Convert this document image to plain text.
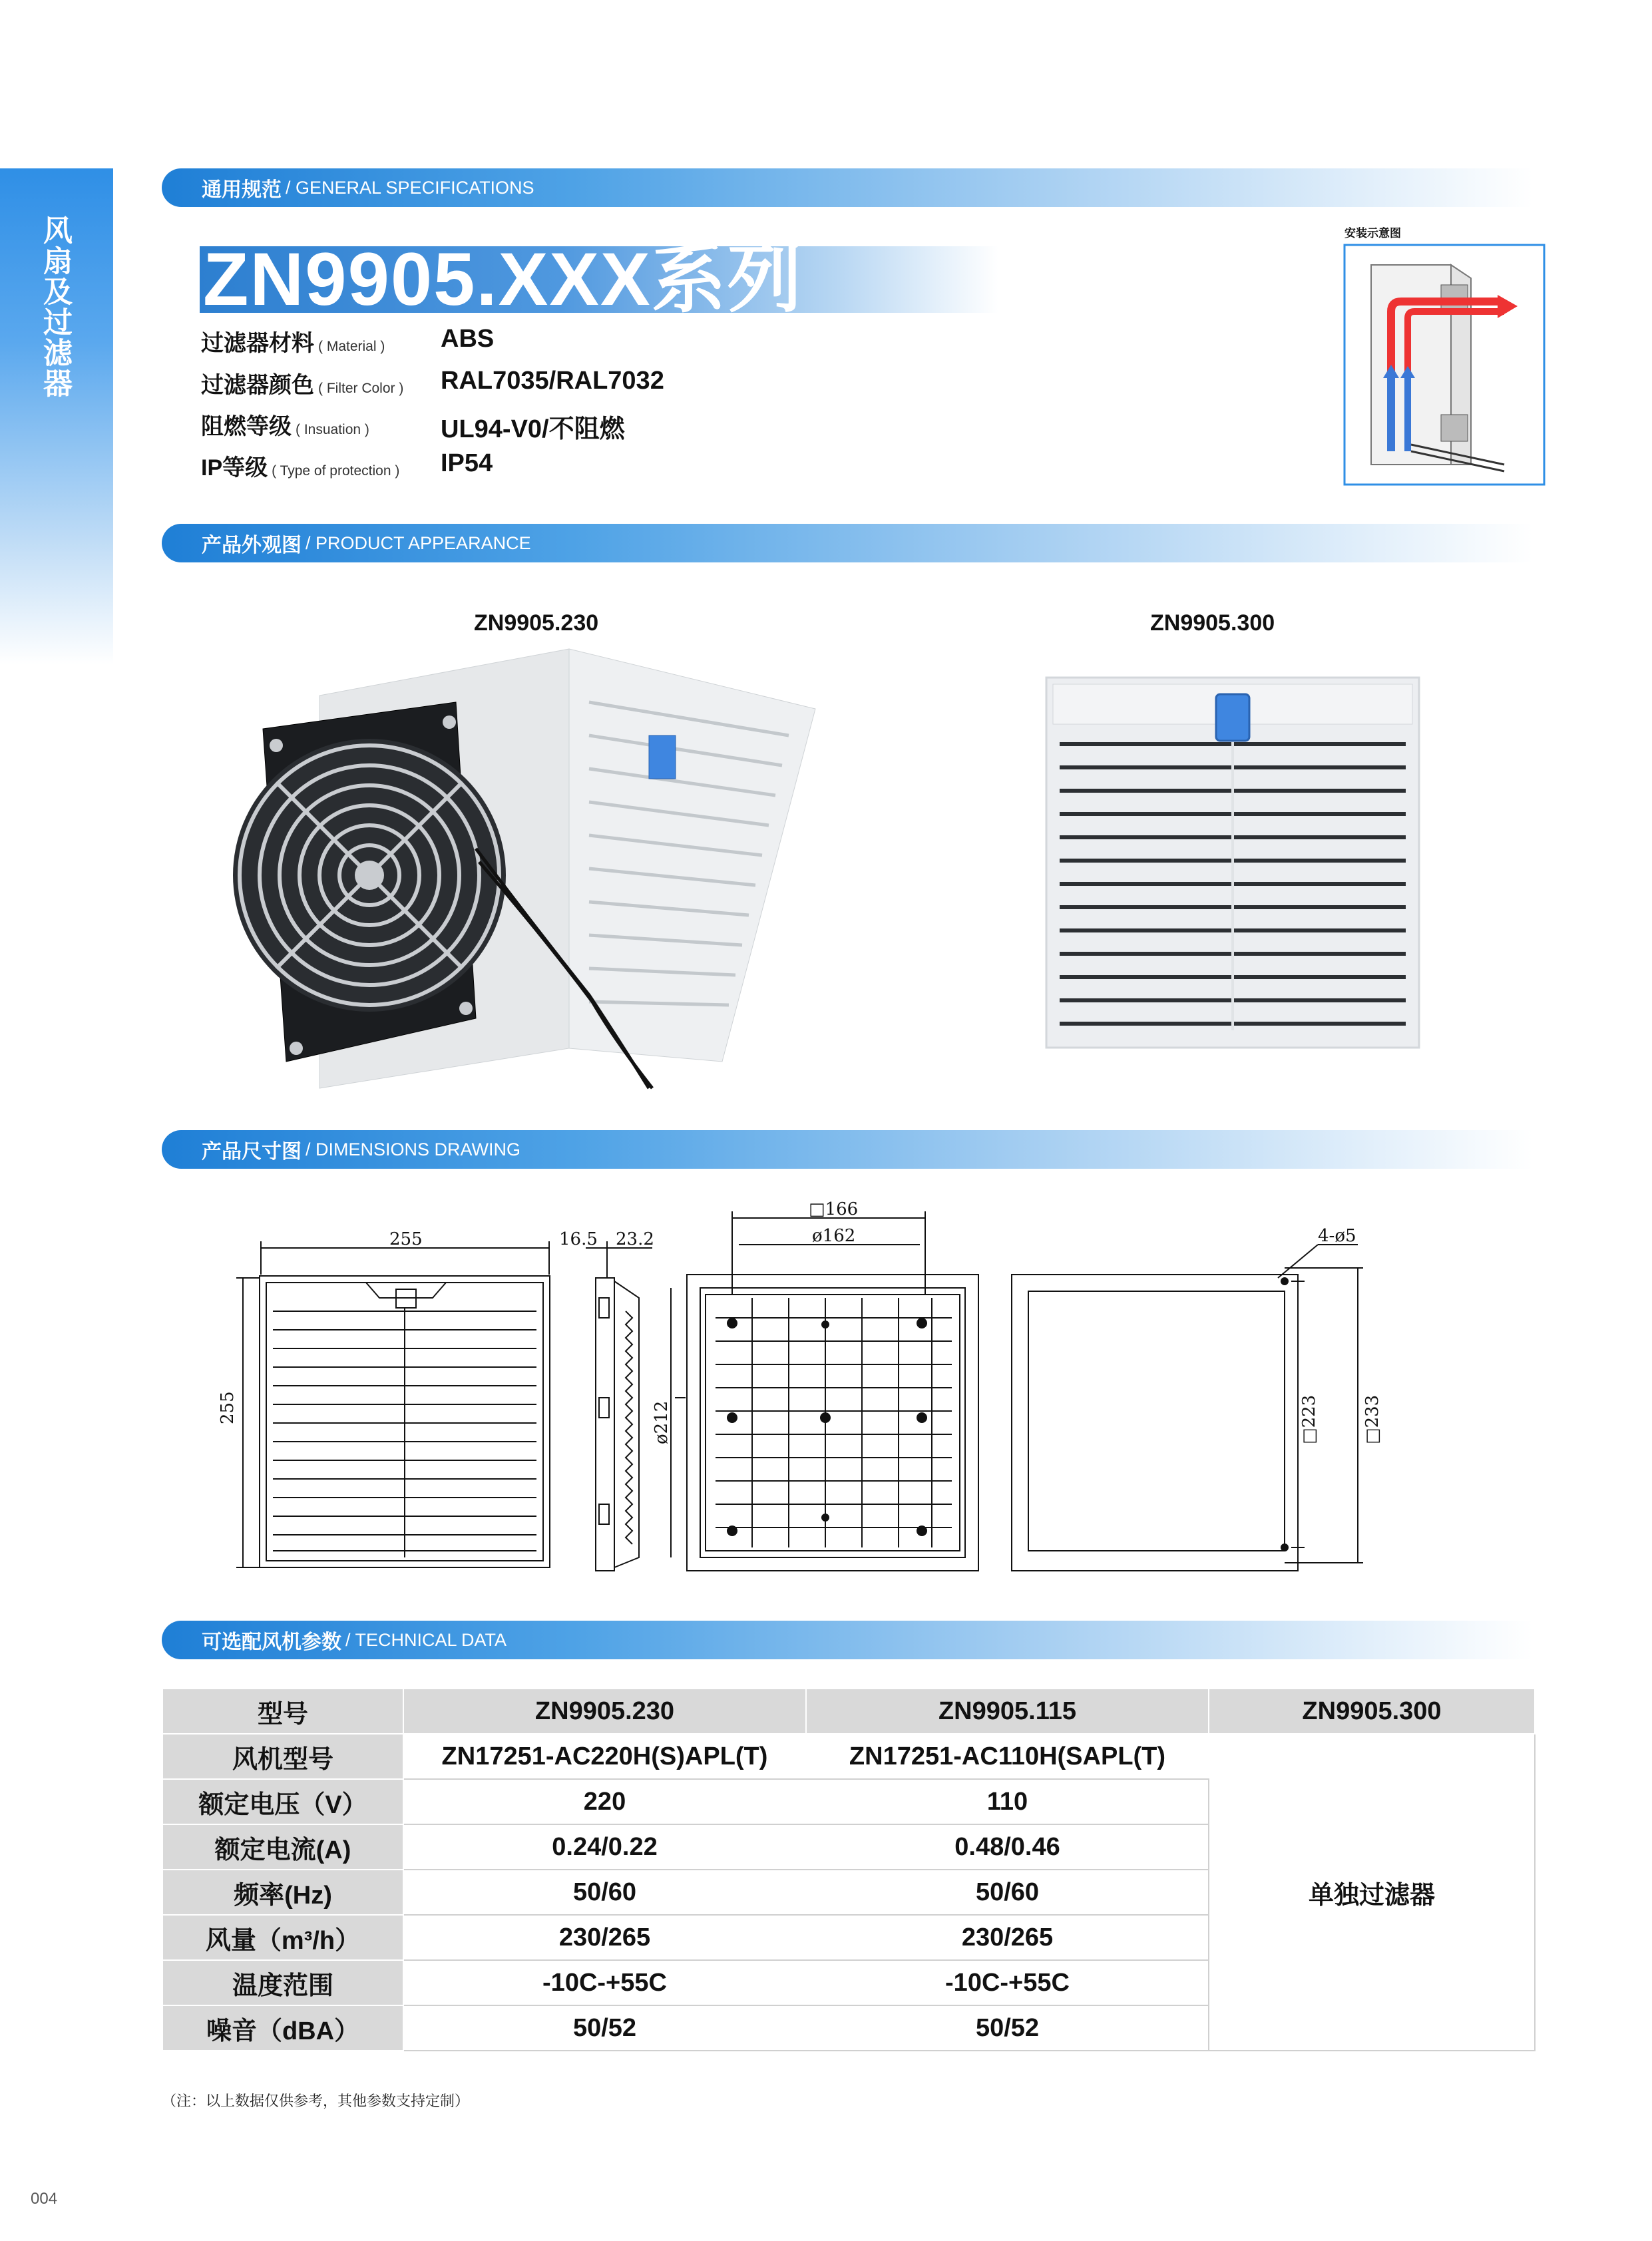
风扇及过滤器
通用规范 / GENERAL SPECIFICATIONS
ZN9905.XXX系列
过滤器材料 ( Material ) ABS
过滤器颜色 ( Filter Color ) RAL7035/RAL7032
阻燃等级 ( Insuation )	UL94-V0/不阻燃
IP等级 ( Type of protection ) IP54
安装示意图
产品外观图 / PRODUCT APPEARANCE
ZN9905.230	ZN9905.300
产品尺寸图 / DIMENSIONS DRAWING
255
255
16.5 23.2
□166
ø162
ø212
4-ø5
□223	□233
可选配风机参数 / TECHNICAL DATA
型号	ZN9905.230	ZN9905.115	ZN9905.300
风机型号	ZN17251-AC220H(S)APL(T)	ZN17251-AC110H(SAPL(T)	单独过滤器
额定电压（V）	220	110	
额定电流(A)	0.24/0.22	0.48/0.46	
频率(Hz)	50/60	50/60	
风量（m³/h）	230/265	230/265	
温度范围	-10C-+55C	-10C-+55C	
噪音（dBA）	50/52	50/52	
（注：以上数据仅供参考，其他参数支持定制）
004
